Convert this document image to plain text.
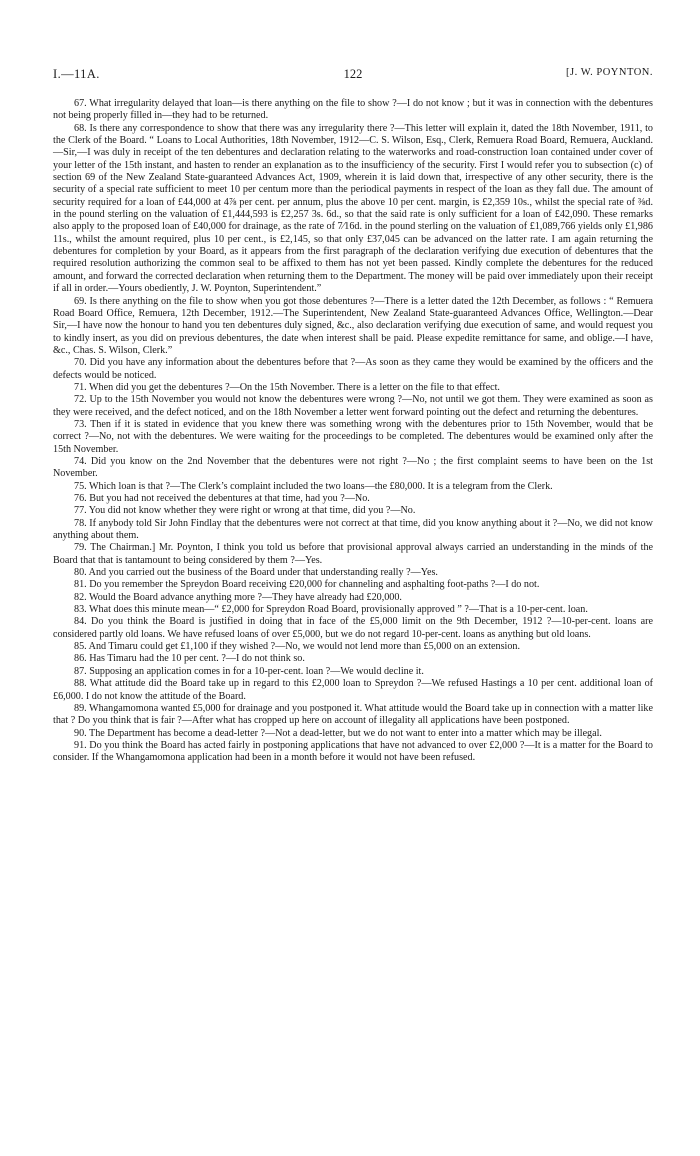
I.—11A.	122	[J. W. POYNTON.

67. What irregularity delayed that loan—is there anything on the file to show ?—I do not know ; but it was in connection with the debentures not being properly filled in—they had to be returned.

68. Is there any correspondence to show that there was any irregularity there ?—This letter will explain it, dated the 18th November, 1911, to the Clerk of the Board. “ Loans to Local Authorities, 18th November, 1912—C. S. Wilson, Esq., Clerk, Remuera Road Board, Remuera, Auckland.—Sir,—I was duly in receipt of the ten debentures and declaration relating to the waterworks and road-construction loan contained under cover of your letter of the 15th instant, and hasten to render an explanation as to the insufficiency of the security. First I would refer you to subsection (c) of section 69 of the New Zealand State-guaranteed Advances Act, 1909, wherein it is laid down that, irrespective of any other security, there is the security of a special rate sufficient to meet 10 per centum more than the periodical payments in respect of the loan as they fall due. The amount of security required for a loan of £44,000 at 4⅞ per cent. per annum, plus the above 10 per cent. margin, is £2,359 10s., whilst the special rate of ⅜d. in the pound sterling on the valuation of £1,444,593 is £2,257 3s. 6d., so that the said rate is only sufficient for a loan of £42,090. These remarks also apply to the proposed loan of £40,000 for drainage, as the rate of 7⁄16d. in the pound sterling on the valuation of £1,089,766 yields only £1,986 11s., whilst the amount required, plus 10 per cent., is £2,145, so that only £37,045 can be advanced on the latter rate. I am again returning the debentures for completion by your Board, as it appears from the first paragraph of the declaration verifying due execution of debentures that the required resolution authorizing the common seal to be affixed to them has not yet been passed. Kindly complete the debentures for the reduced amount, and forward the corrected declaration when returning them to the Department. The money will be paid over immediately upon their receipt if all in order.—Yours obediently, J. W. Poynton, Superintendent.”

69. Is there anything on the file to show when you got those debentures ?—There is a letter dated the 12th December, as follows : “ Remuera Road Board Office, Remuera, 12th December, 1912.—The Superintendent, New Zealand State-guaranteed Advances Office, Wellington.—Dear Sir,—I have now the honour to hand you ten debentures duly signed, &c., also declaration verifying due execution of same, and would request you to kindly insert, as you did on previous debentures, the date when interest shall be paid. Please expedite remittance for same, and oblige.—I have, &c., Chas. S. Wilson, Clerk.”

70. Did you have any information about the debentures before that ?—As soon as they came they would be examined by the officers and the defects would be noticed.

71. When did you get the debentures ?—On the 15th November. There is a letter on the file to that effect.

72. Up to the 15th November you would not know the debentures were wrong ?—No, not until we got them. They were examined as soon as they were received, and the defect noticed, and on the 18th November a letter went forward pointing out the defect and returning the debentures.

73. Then if it is stated in evidence that you knew there was something wrong with the debentures prior to 15th November, would that be correct ?—No, not with the debentures. We were waiting for the proceedings to be completed. The debentures would be examined only after the 15th November.

74. Did you know on the 2nd November that the debentures were not right ?—No ; the first complaint seems to have been on the 1st November.

75. Which loan is that ?—The Clerk’s complaint included the two loans—the £80,000. It is a telegram from the Clerk.

76. But you had not received the debentures at that time, had you ?—No.

77. You did not know whether they were right or wrong at that time, did you ?—No.

78. If anybody told Sir John Findlay that the debentures were not correct at that time, did you know anything about it ?—No, we did not know anything about them.

79. The Chairman.] Mr. Poynton, I think you told us before that provisional approval always carried an understanding in the minds of the Board that that is tantamount to being considered by them ?—Yes.

80. And you carried out the business of the Board under that understanding really ?—Yes.

81. Do you remember the Spreydon Board receiving £20,000 for channeling and asphalting foot-paths ?—I do not.

82. Would the Board advance anything more ?—They have already had £20,000.

83. What does this minute mean—“ £2,000 for Spreydon Road Board, provisionally approved ” ?—That is a 10-per-cent. loan.

84. Do you think the Board is justified in doing that in face of the £5,000 limit on the 9th December, 1912 ?—10-per-cent. loans are considered partly old loans. We have refused loans of over £5,000, but we do not regard 10-per-cent. loans as anything but old loans.

85. And Timaru could get £1,100 if they wished ?—No, we would not lend more than £5,000 on an extension.

86. Has Timaru had the 10 per cent. ?—I do not think so.

87. Supposing an application comes in for a 10-per-cent. loan ?—We would decline it.

88. What attitude did the Board take up in regard to this £2,000 loan to Spreydon ?—We refused Hastings a 10 per cent. additional loan of £6,000. I do not know the attitude of the Board.

89. Whangamomona wanted £5,000 for drainage and you postponed it. What attitude would the Board take up in connection with a matter like that ? Do you think that is fair ?—After what has cropped up here on account of illegality all applications have been postponed.

90. The Department has become a dead-letter ?—Not a dead-letter, but we do not want to enter into a matter which may be illegal.

91. Do you think the Board has acted fairly in postponing applications that have not advanced to over £2,000 ?—It is a matter for the Board to consider. If the Whangamomona application had been in a month before it would not have been refused.
